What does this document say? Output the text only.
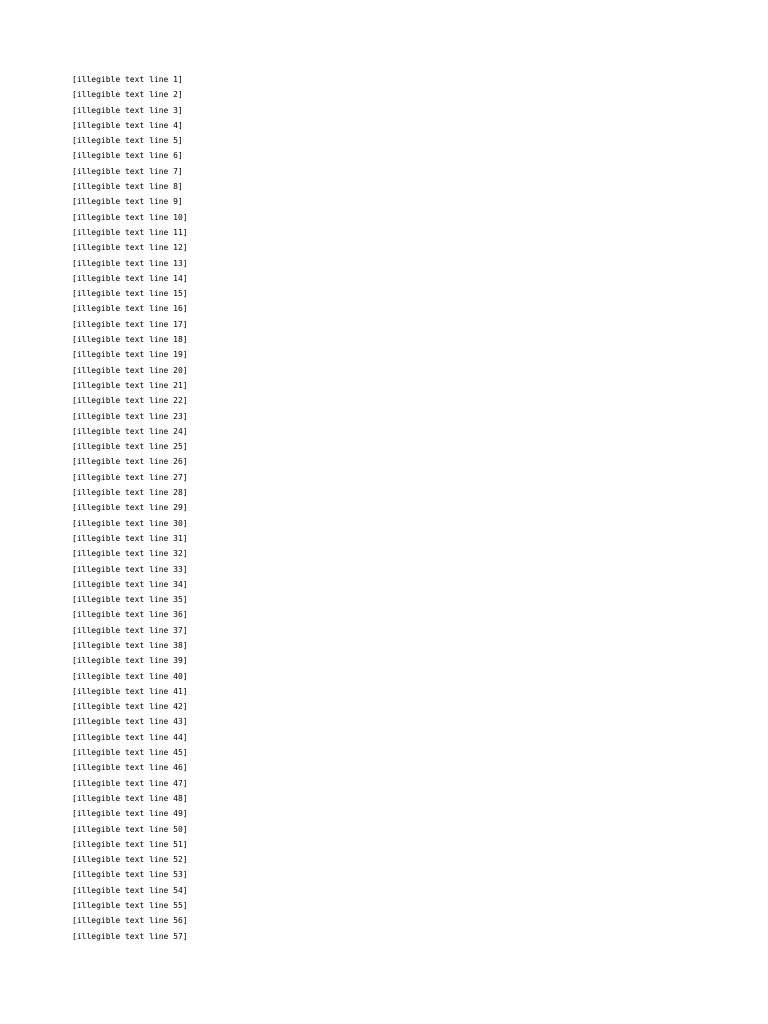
[illegible text line 1]
[illegible text line 2]
[illegible text line 3]
[illegible text line 4]
[illegible text line 5]
[illegible text line 6]
[illegible text line 7]
[illegible text line 8]
[illegible text line 9]
[illegible text line 10]
[illegible text line 11]
[illegible text line 12]
[illegible text line 13]
[illegible text line 14]
[illegible text line 15]
[illegible text line 16]
[illegible text line 17]
[illegible text line 18]
[illegible text line 19]
[illegible text line 20]
[illegible text line 21]
[illegible text line 22]
[illegible text line 23]
[illegible text line 24]
[illegible text line 25]
[illegible text line 26]
[illegible text line 27]
[illegible text line 28]
[illegible text line 29]
[illegible text line 30]
[illegible text line 31]
[illegible text line 32]
[illegible text line 33]
[illegible text line 34]
[illegible text line 35]
[illegible text line 36]
[illegible text line 37]
[illegible text line 38]
[illegible text line 39]
[illegible text line 40]
[illegible text line 41]
[illegible text line 42]
[illegible text line 43]
[illegible text line 44]
[illegible text line 45]
[illegible text line 46]
[illegible text line 47]
[illegible text line 48]
[illegible text line 49]
[illegible text line 50]
[illegible text line 51]
[illegible text line 52]
[illegible text line 53]
[illegible text line 54]
[illegible text line 55]
[illegible text line 56]
[illegible text line 57]
